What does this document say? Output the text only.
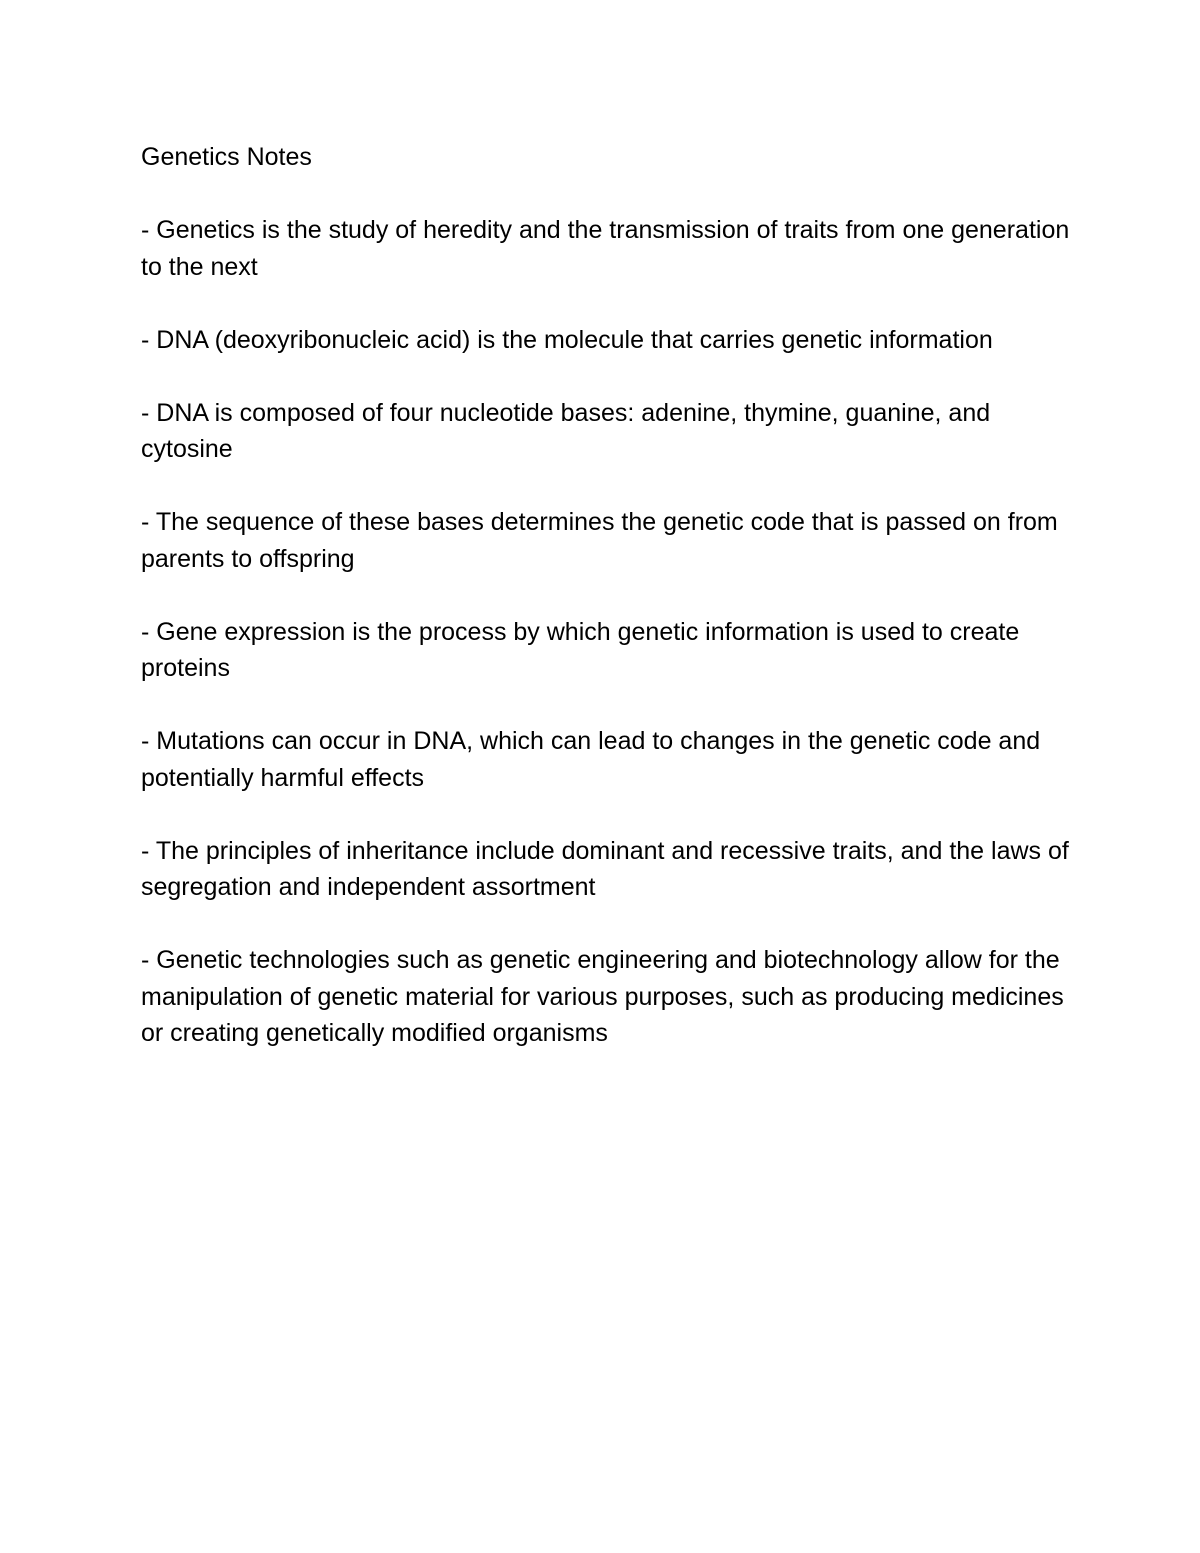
Genetics Notes
- Genetics is the study of heredity and the transmission of traits from one generation to the next
- DNA (deoxyribonucleic acid) is the molecule that carries genetic information
- DNA is composed of four nucleotide bases: adenine, thymine, guanine, and cytosine
- The sequence of these bases determines the genetic code that is passed on from parents to offspring
- Gene expression is the process by which genetic information is used to create proteins
- Mutations can occur in DNA, which can lead to changes in the genetic code and potentially harmful effects
- The principles of inheritance include dominant and recessive traits, and the laws of segregation and independent assortment
- Genetic technologies such as genetic engineering and biotechnology allow for the manipulation of genetic material for various purposes, such as producing medicines or creating genetically modified organisms
